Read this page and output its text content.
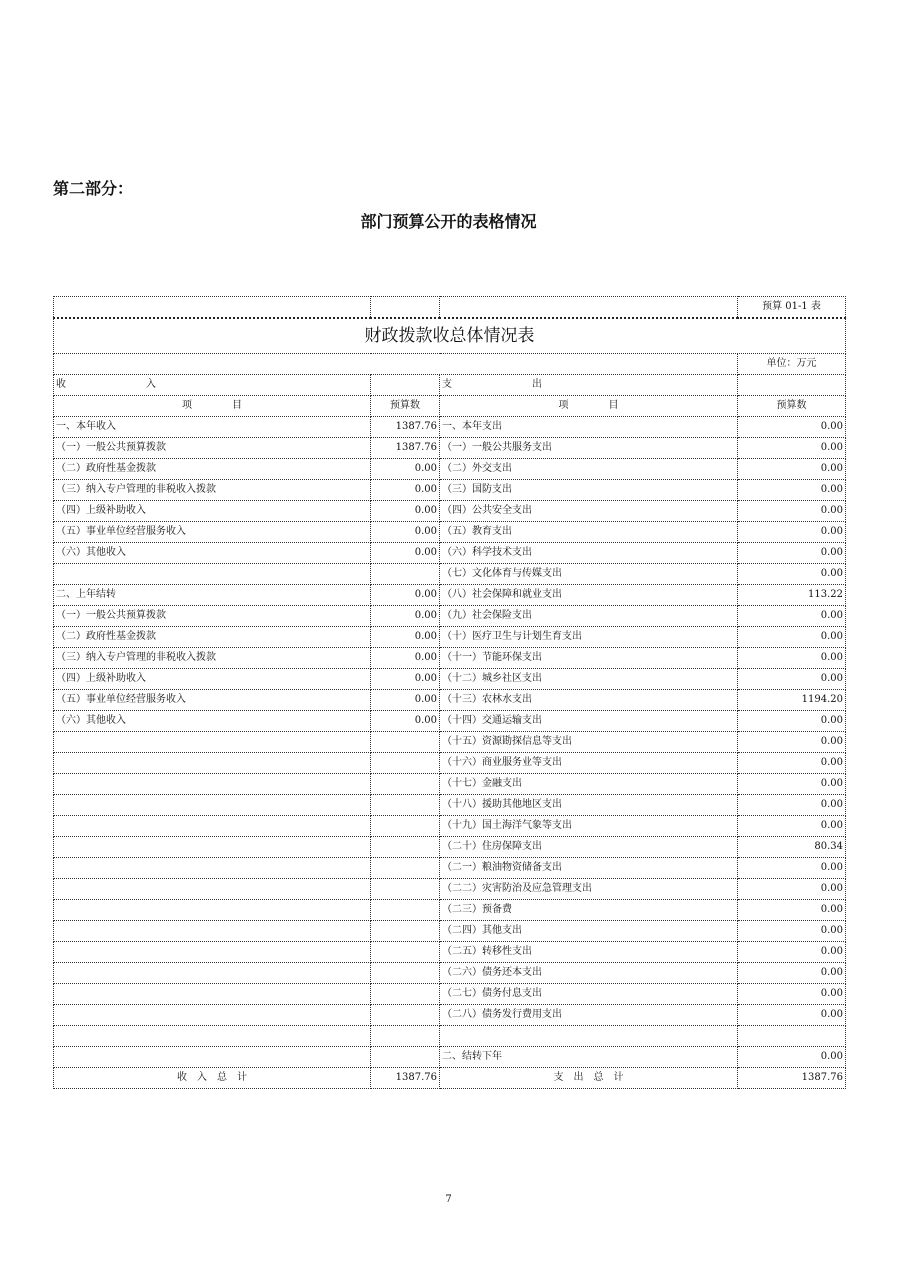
第二部分：
部门预算公开的表格情况
			预算 01-1 表
财政拨款收总体情况表			
			单位：万元
收　　　　　　　　入		支　　　　　　　　出	
项　　　　目	预算数	项　　　　目	预算数
一、本年收入	1387.76	一、本年支出	0.00
（一）一般公共预算拨款	1387.76	（一）一般公共服务支出	0.00
（二）政府性基金拨款	0.00	（二）外交支出	0.00
（三）纳入专户管理的非税收入拨款	0.00	（三）国防支出	0.00
（四）上级补助收入	0.00	（四）公共安全支出	0.00
（五）事业单位经营服务收入	0.00	（五）教育支出	0.00
（六）其他收入	0.00	（六）科学技术支出	0.00
		（七）文化体育与传媒支出	0.00
二、上年结转	0.00	（八）社会保障和就业支出	113.22
（一）一般公共预算拨款	0.00	（九）社会保险支出	0.00
（二）政府性基金拨款	0.00	（十）医疗卫生与计划生育支出	0.00
（三）纳入专户管理的非税收入拨款	0.00	（十一）节能环保支出	0.00
（四）上级补助收入	0.00	（十二）城乡社区支出	0.00
（五）事业单位经营服务收入	0.00	（十三）农林水支出	1194.20
（六）其他收入	0.00	（十四）交通运输支出	0.00
		（十五）资源勘探信息等支出	0.00
		（十六）商业服务业等支出	0.00
		（十七）金融支出	0.00
		（十八）援助其他地区支出	0.00
		（十九）国土海洋气象等支出	0.00
		（二十）住房保障支出	80.34
		（二一）粮油物资储备支出	0.00
		（二二）灾害防治及应急管理支出	0.00
		（二三）预备费	0.00
		（二四）其他支出	0.00
		（二五）转移性支出	0.00
		（二六）债务还本支出	0.00
		（二七）债务付息支出	0.00
		（二八）债务发行费用支出	0.00

		二、结转下年	0.00
收　入　总　计	1387.76	支　出　总　计	1387.76
7
